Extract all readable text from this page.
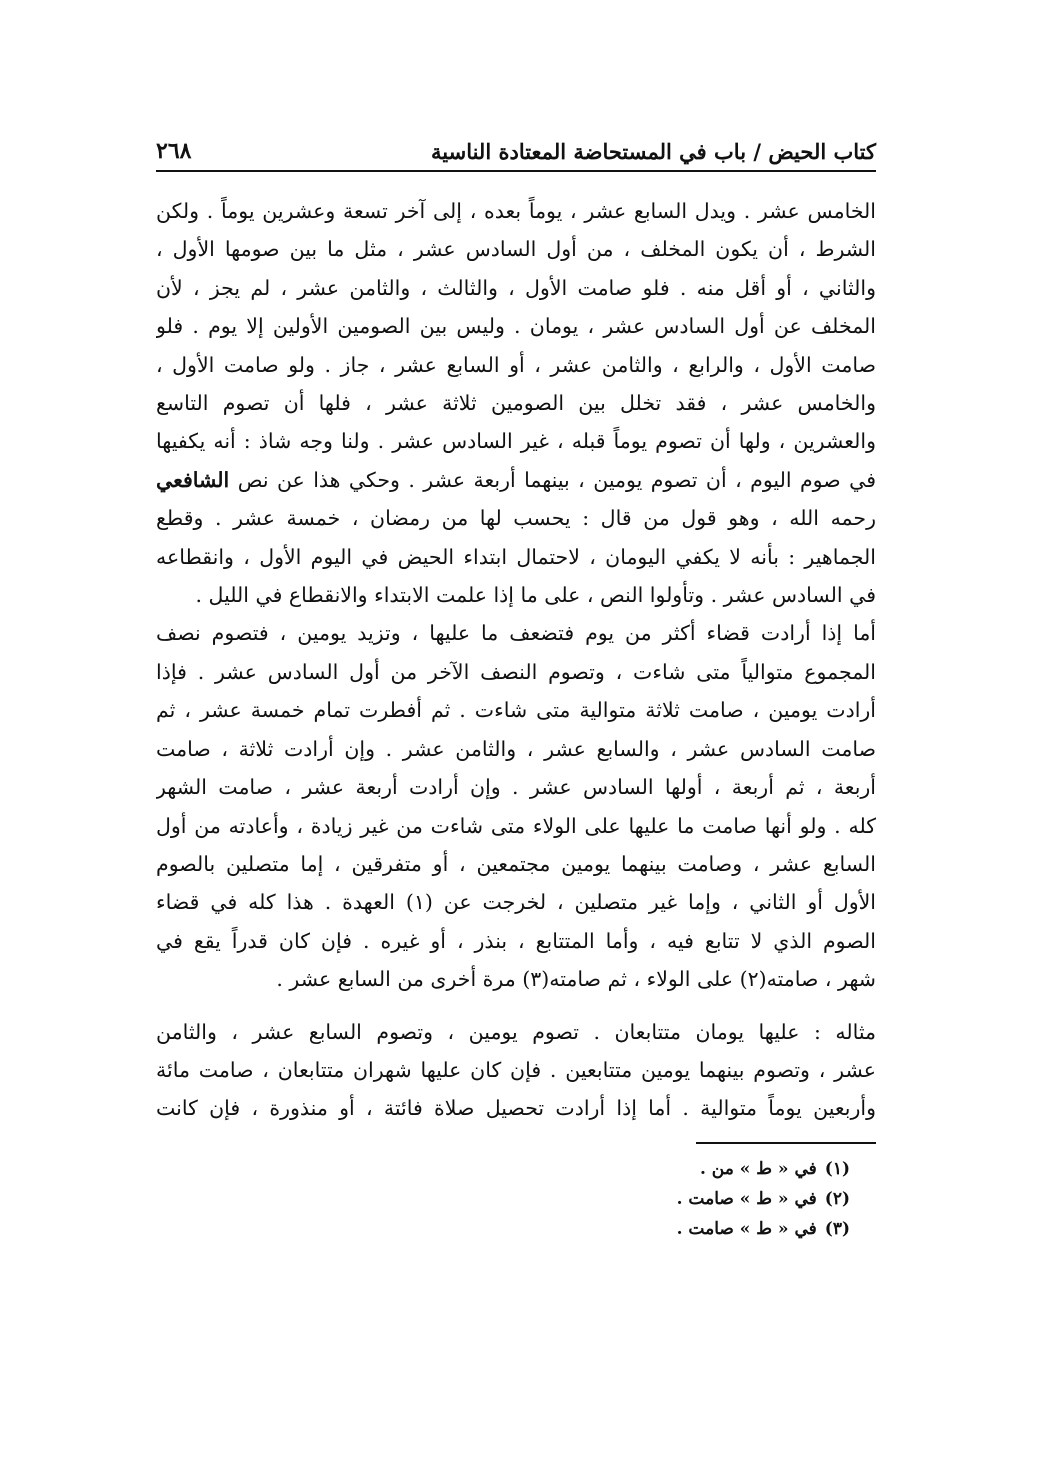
كتاب الحيض / باب في المستحاضة المعتادة الناسية
٢٦٨

الخامس عشر . ويدل السابع عشر ، يوماً بعده ، إلى آخر تسعة وعشرين يوماً . ولكن
الشرط ، أن يكون المخلف ، من أول السادس عشر ، مثل ما بين صومها الأول ،
والثاني ، أو أقل منه . فلو صامت الأول ، والثالث ، والثامن عشر ، لم يجز ، لأن
المخلف عن أول السادس عشر ، يومان . وليس بين الصومين الأولين إلا يوم . فلو
صامت الأول ، والرابع ، والثامن عشر ، أو السابع عشر ، جاز . ولو صامت الأول ،
والخامس عشر ، فقد تخلل بين الصومين ثلاثة عشر ، فلها أن تصوم التاسع
والعشرين ، ولها أن تصوم يوماً قبله ، غير السادس عشر . ولنا وجه شاذ : أنه يكفيها
في صوم اليوم ، أن تصوم يومين ، بينهما أربعة عشر . وحكي هذا عن نص الشافعي
رحمه الله ، وهو قول من قال : يحسب لها من رمضان ، خمسة عشر . وقطع
الجماهير : بأنه لا يكفي اليومان ، لاحتمال ابتداء الحيض في اليوم الأول ، وانقطاعه
في السادس عشر . وتأولوا النص ، على ما إذا علمت الابتداء والانقطاع في الليل .

أما إذا أرادت قضاء أكثر من يوم فتضعف ما عليها ، وتزيد يومين ، فتصوم نصف
المجموع متوالياً متى شاءت ، وتصوم النصف الآخر من أول السادس عشر . فإذا
أرادت يومين ، صامت ثلاثة متوالية متى شاءت . ثم أفطرت تمام خمسة عشر ، ثم
صامت السادس عشر ، والسابع عشر ، والثامن عشر . وإن أرادت ثلاثة ، صامت
أربعة ، ثم أربعة ، أولها السادس عشر . وإن أرادت أربعة عشر ، صامت الشهر
كله . ولو أنها صامت ما عليها على الولاء متى شاءت من غير زيادة ، وأعادته من أول
السابع عشر ، وصامت بينهما يومين مجتمعين ، أو متفرقين ، إما متصلين بالصوم
الأول أو الثاني ، وإما غير متصلين ، لخرجت عن (١) العهدة . هذا كله في قضاء
الصوم الذي لا تتابع فيه ، وأما المتتابع ، بنذر ، أو غيره . فإن كان قدراً يقع في
شهر ، صامته(٢) على الولاء ، ثم صامته(٣) مرة أخرى من السابع عشر .

مثاله : عليها يومان متتابعان . تصوم يومين ، وتصوم السابع عشر ، والثامن
عشر ، وتصوم بينهما يومين متتابعين . فإن كان عليها شهران متتابعان ، صامت مائة
وأربعين يوماً متوالية . أما إذا أرادت تحصيل صلاة فائتة ، أو منذورة ، فإن كانت

(١)في « ط » من .
(٢)في « ط » صامت .
(٣)في « ط » صامت .
